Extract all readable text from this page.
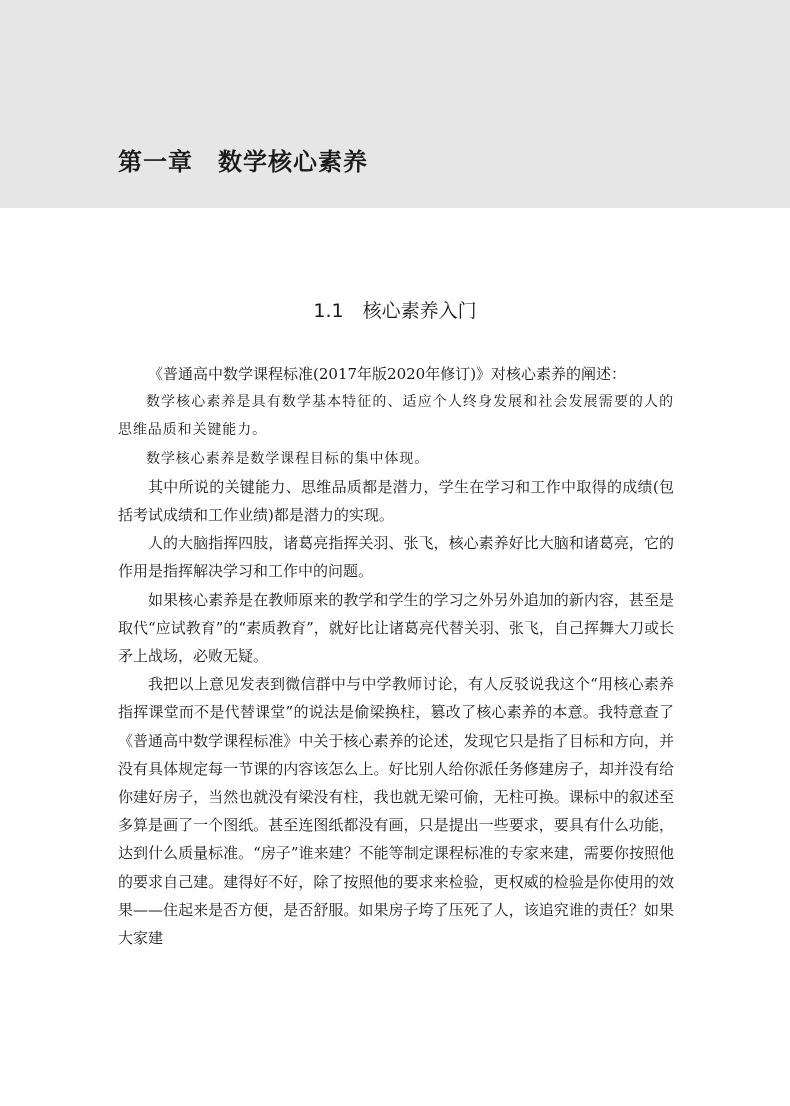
第一章　数学核心素养
1.1　核心素养入门

《普通高中数学课程标准(2017年版2020年修订)》对核心素养的阐述：

数学核心素养是具有数学基本特征的、适应个人终身发展和社会发展需要的人的思维品质和关键能力。

数学核心素养是数学课程目标的集中体现。

其中所说的关键能力、思维品质都是潜力，学生在学习和工作中取得的成绩(包括考试成绩和工作业绩)都是潜力的实现。

人的大脑指挥四肢，诸葛亮指挥关羽、张飞，核心素养好比大脑和诸葛亮，它的作用是指挥解决学习和工作中的问题。

如果核心素养是在教师原来的教学和学生的学习之外另外追加的新内容，甚至是取代“应试教育”的“素质教育”，就好比让诸葛亮代替关羽、张飞，自己挥舞大刀或长矛上战场，必败无疑。

我把以上意见发表到微信群中与中学教师讨论，有人反驳说我这个“用核心素养指挥课堂而不是代替课堂”的说法是偷梁换柱，篡改了核心素养的本意。我特意查了《普通高中数学课程标准》中关于核心素养的论述，发现它只是指了目标和方向，并没有具体规定每一节课的内容该怎么上。好比别人给你派任务修建房子，却并没有给你建好房子，当然也就没有梁没有柱，我也就无梁可偷，无柱可换。课标中的叙述至多算是画了一个图纸。甚至连图纸都没有画，只是提出一些要求，要具有什么功能，达到什么质量标准。“房子”谁来建？不能等制定课程标准的专家来建，需要你按照他的要求自己建。建得好不好，除了按照他的要求来检验，更权威的检验是你使用的效果——住起来是否方便，是否舒服。如果房子垮了压死了人，该追究谁的责任？如果大家建
